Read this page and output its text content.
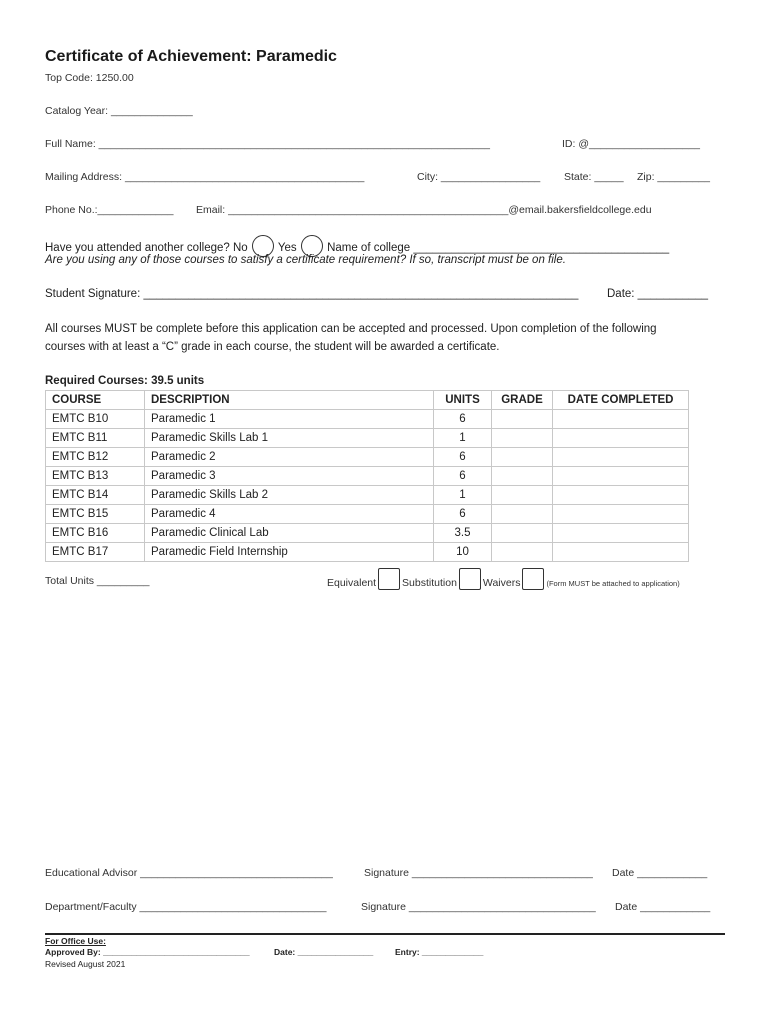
Certificate of Achievement: Paramedic
Top Code: 1250.00
Catalog Year: ______________
Full Name: ___________________________________________________________________	ID: @___________________
Mailing Address: _________________________________________	City: _________________ State: _____ Zip: _________
Phone No.:_____________ Email: ________________________________________________@email.bakersfieldcollege.edu
Have you attended another college? No	Yes	Name of college ________________________________________
Are you using any of those courses to satisfy a certificate requirement? If so, transcript must be on file.
Student Signature: ____________________________________________________________________ Date: ___________
All courses MUST be complete before this application can be accepted and processed. Upon completion of the following
courses with at least a “C” grade in each course, the student will be awarded a certificate.
Required Courses: 39.5 units
COURSE	DESCRIPTION	UNITS	GRADE	DATE COMPLETED
EMTC B10	Paramedic 1	6		
EMTC B11	Paramedic Skills Lab 1	1		
EMTC B12	Paramedic 2	6		
EMTC B13	Paramedic 3	6		
EMTC B14	Paramedic Skills Lab 2	1		
EMTC B15	Paramedic 4	6		
EMTC B16	Paramedic Clinical Lab	3.5		
EMTC B17	Paramedic Field Internship	10		
Total Units _________	Equivalent Substitution Waivers	(Form MUST be attached to application)
Educational Advisor _________________________________	Signature _______________________________ Date ____________
Department/Faculty ________________________________	Signature ________________________________ Date ____________
For Office Use:
Approved By: _______________________________	Date: ________________	Entry: _____________
Revised August 2021
